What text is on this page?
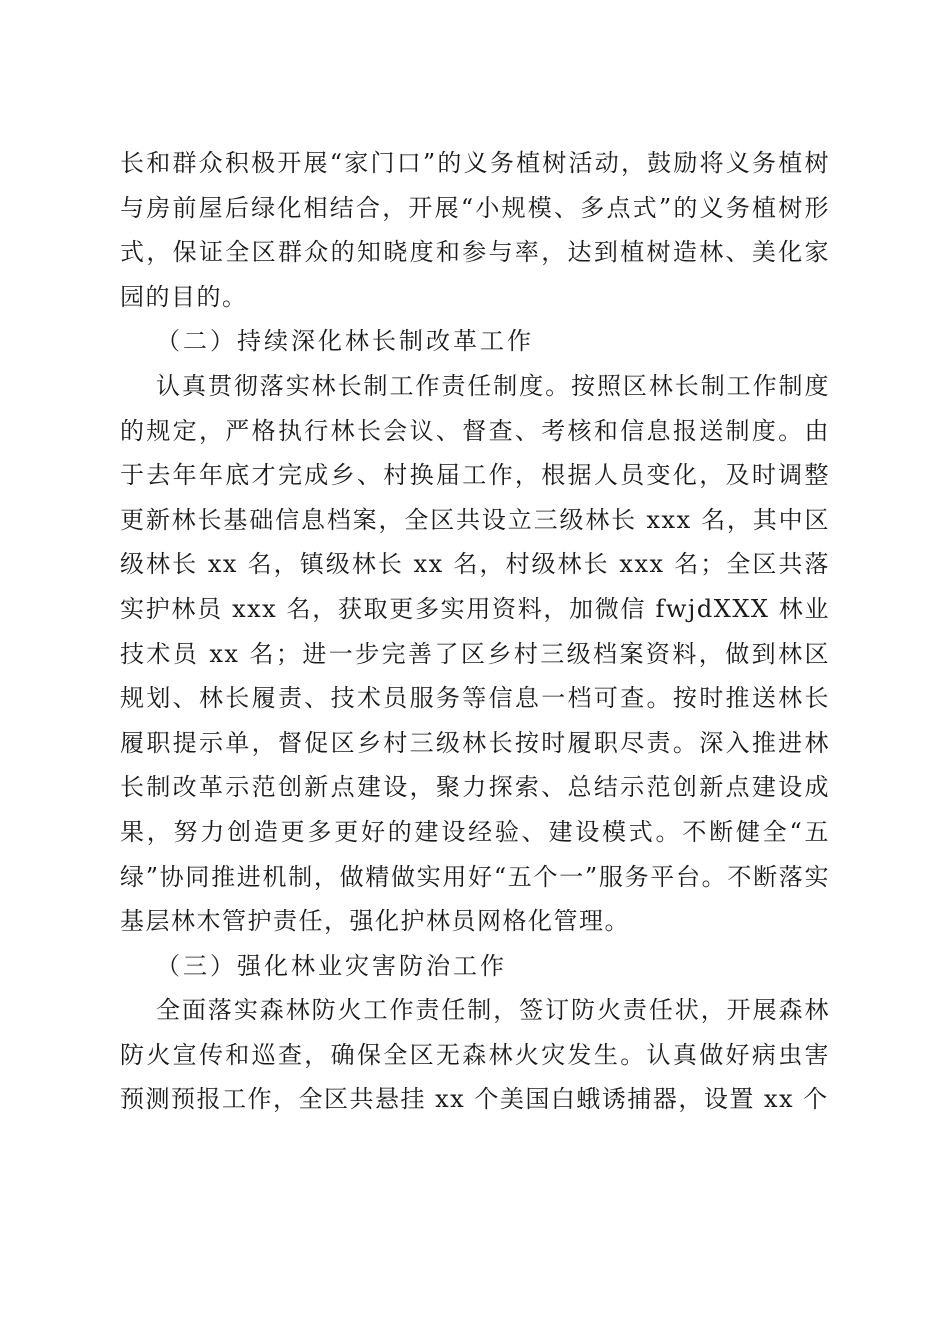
长和群众积极开展“家门口”的义务植树活动，鼓励将义务植树与房前屋后绿化相结合，开展“小规模、多点式”的义务植树形式，保证全区群众的知晓度和参与率，达到植树造林、美化家园的目的。

（二）持续深化林长制改革工作

认真贯彻落实林长制工作责任制度。按照区林长制工作制度的规定，严格执行林长会议、督查、考核和信息报送制度。由于去年年底才完成乡、村换届工作，根据人员变化，及时调整更新林长基础信息档案，全区共设立三级林长 xxx 名，其中区级林长 xx 名，镇级林长 xx 名，村级林长 xxx 名；全区共落实护林员 xxx 名，获取更多实用资料，加微信 fwjdXXX 林业技术员 xx 名；进一步完善了区乡村三级档案资料，做到林区规划、林长履责、技术员服务等信息一档可查。按时推送林长履职提示单，督促区乡村三级林长按时履职尽责。深入推进林长制改革示范创新点建设，聚力探索、总结示范创新点建设成果，努力创造更多更好的建设经验、建设模式。不断健全“五绿”协同推进机制，做精做实用好“五个一”服务平台。不断落实基层林木管护责任，强化护林员网格化管理。

（三）强化林业灾害防治工作

全面落实森林防火工作责任制，签订防火责任状，开展森林防火宣传和巡查，确保全区无森林火灾发生。认真做好病虫害预测预报工作，全区共悬挂 xx 个美国白蛾诱捕器，设置 xx 个
